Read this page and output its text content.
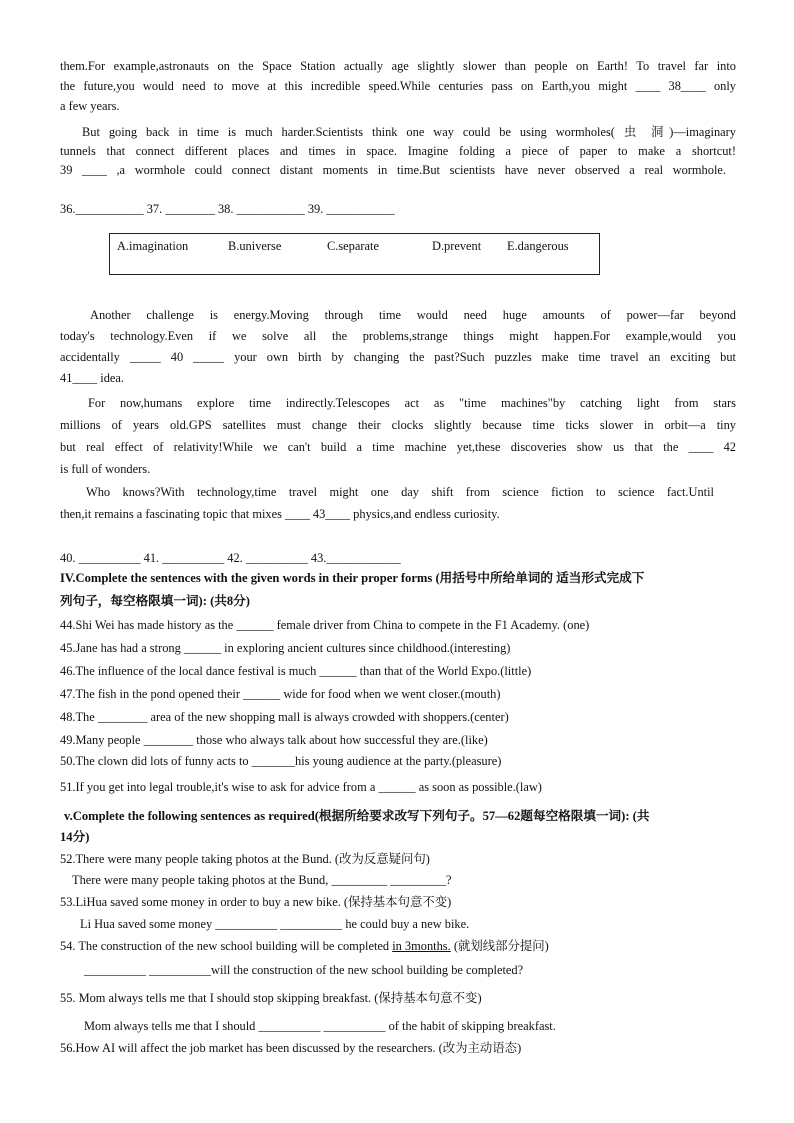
them.For example,astronauts on the Space Station actually age slightly slower than people on Earth! To travel far into
the future,you would need to move at this incredible speed.While centuries pass on Earth,you might ____ 38____ only
a few years.
But going back in time is much harder.Scientists think one way could be using wormholes( 虫 洞)—imaginary
tunnels that connect different places and times in space. Imagine folding a piece of paper to make a shortcut!
39 ____ ,a wormhole could connect distant moments in time.But scientists have never observed a real wormhole.
36.___________ 37. ________ 38. ___________ 39. ___________
A.imagination	B.universe	C.separate	D.prevent E.dangerous
Another challenge is energy.Moving through time would need huge amounts of power—far beyond
today's technology.Even if we solve all the problems,strange things might happen.For example,would you
accidentally _____ 40 _____ your own birth by changing the past?Such puzzles make time travel an exciting but
41____ idea.
For now,humans explore time indirectly.Telescopes act as "time machines"by catching light from stars
millions of years old.GPS satellites must change their clocks slightly because time ticks slower in orbit—a tiny
but real effect of relativity!While we can't build a time machine yet,these discoveries show us that the ____ 42
is full of wonders.
Who knows?With technology,time travel might one day shift from science fiction to science fact.Until
then,it remains a fascinating topic that mixes ____ 43____ physics,and endless curiosity.
40. __________ 41. __________ 42. __________ 43.____________
IV.Complete the sentences with the given words in their proper forms (用括号中所给单词的 适当形式完成下
列句子，每空格限填一词): (共8分)
44.Shi Wei has made history as the ______ female driver from China to compete in the F1 Academy. (one)
45.Jane has had a strong ______ in exploring ancient cultures since childhood.(interesting)
46.The influence of the local dance festival is much ______ than that of the World Expo.(little)
47.The fish in the pond opened their ______ wide for food when we went closer.(mouth)
48.The ________ area of the new shopping mall is always crowded with shoppers.(center)
49.Many people ________ those who always talk about how successful they are.(like)
50.The clown did lots of funny acts to _______his young audience at the party.(pleasure)
51.If you get into legal trouble,it's wise to ask for advice from a ______ as soon as possible.(law)
v.Complete the following sentences as required(根据所给要求改写下列句子。57—62题每空格限填一词): (共
14分)
52.There were many people taking photos at the Bund. (改为反意疑问句)
There were many people taking photos at the Bund, _________ _________?
53.LiHua saved some money in order to buy a new bike. (保持基本句意不变)
Li Hua saved some money __________ __________ he could buy a new bike.
54. The construction of the new school building will be completed in 3months. (就划线部分提问)
__________ __________will the construction of the new school building be completed?
55. Mom always tells me that I should stop skipping breakfast. (保持基本句意不变)
Mom always tells me that I should __________ __________ of the habit of skipping breakfast.
56.How AI will affect the job market has been discussed by the researchers. (改为主动语态)
